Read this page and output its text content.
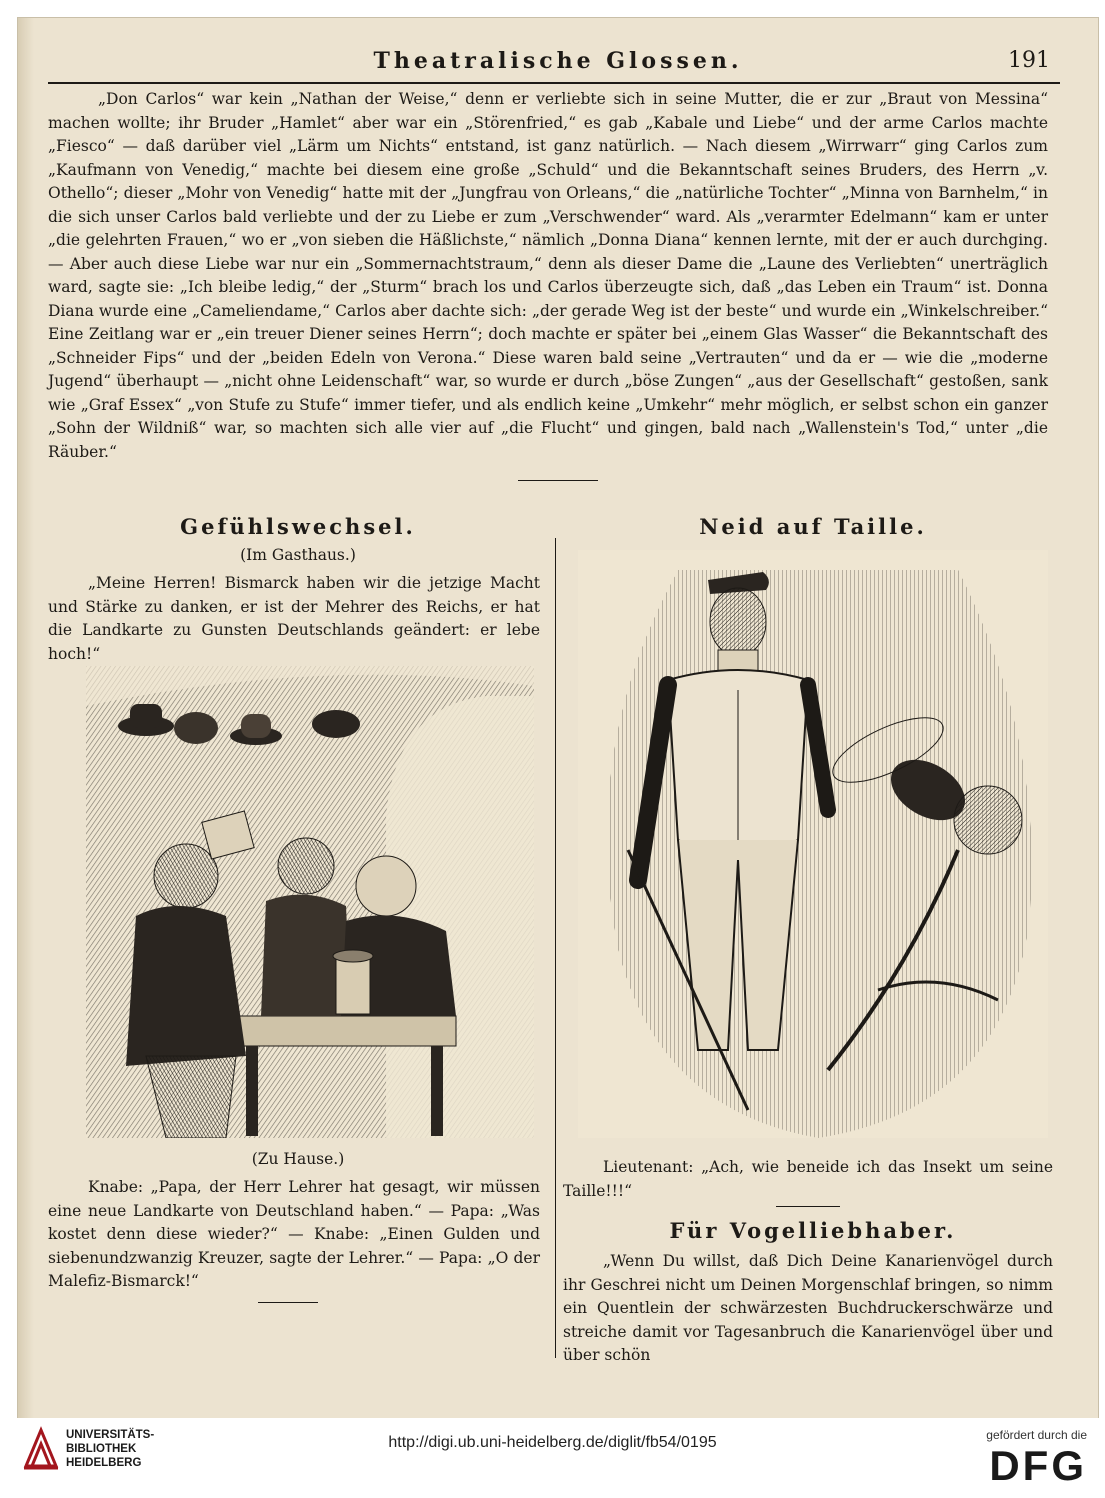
Theatralische Glossen.	191
„Don Carlos“ war kein „Nathan der Weise,“ denn er verliebte sich in seine Mutter, die er zur „Braut von Messina“ machen wollte; ihr Bruder „Hamlet“ aber war ein „Störenfried,“ es gab „Kabale und Liebe“ und der arme Carlos machte „Fiesco“ — daß darüber viel „Lärm um Nichts“ entstand, ist ganz natürlich. — Nach diesem „Wirrwarr“ ging Carlos zum „Kaufmann von Venedig,“ machte bei diesem eine große „Schuld“ und die Bekanntschaft seines Bruders, des Herrn „v. Othello“; dieser „Mohr von Venedig“ hatte mit der „Jungfrau von Orleans,“ die „natürliche Tochter“ „Minna von Barnhelm,“ in die sich unser Carlos bald verliebte und der zu Liebe er zum „Verschwender“ ward. Als „verarmter Edelmann“ kam er unter „die gelehrten Frauen,“ wo er „von sieben die Häßlichste,“ nämlich „Donna Diana“ kennen lernte, mit der er auch durchging. — Aber auch diese Liebe war nur ein „Sommernachtstraum,“ denn als dieser Dame die „Laune des Verliebten“ unerträglich ward, sagte sie: „Ich bleibe ledig,“ der „Sturm“ brach los und Carlos überzeugte sich, daß „das Leben ein Traum“ ist. Donna Diana wurde eine „Cameliendame,“ Carlos aber dachte sich: „der gerade Weg ist der beste“ und wurde ein „Winkelschreiber.“ Eine Zeitlang war er „ein treuer Diener seines Herrn“; doch machte er später bei „einem Glas Wasser“ die Bekanntschaft des „Schneider Fips“ und der „beiden Edeln von Verona.“ Diese waren bald seine „Vertrauten“ und da er — wie die „moderne Jugend“ überhaupt — „nicht ohne Leidenschaft“ war, so wurde er durch „böse Zungen“ „aus der Gesellschaft“ gestoßen, sank wie „Graf Essex“ „von Stufe zu Stufe“ immer tiefer, und als endlich keine „Umkehr“ mehr möglich, er selbst schon ein ganzer „Sohn der Wildniß“ war, so machten sich alle vier auf „die Flucht“ und gingen, bald nach „Wallenstein's Tod,“ unter „die Räuber.“
Gefühlswechsel.
(Im Gasthaus.)
„Meine Herren! Bismarck haben wir die jetzige Macht und Stärke zu danken, er ist der Mehrer des Reichs, er hat die Landkarte zu Gunsten Deutschlands geändert: er lebe hoch!“
(Zu Hause.)
Knabe: „Papa, der Herr Lehrer hat gesagt, wir müssen eine neue Landkarte von Deutschland haben.“ — Papa: „Was kostet denn diese wieder?“ — Knabe: „Einen Gulden und siebenundzwanzig Kreuzer, sagte der Lehrer.“ — Papa: „O der Malefiz-Bismarck!“
Neid auf Taille.
Lieutenant: „Ach, wie beneide ich das Insekt um seine Taille!!!“
Für Vogelliebhaber.
„Wenn Du willst, daß Dich Deine Kanarienvögel durch ihr Geschrei nicht um Deinen Morgenschlaf bringen, so nimm ein Quentlein der schwärzesten Buchdruckerschwärze und streiche damit vor Tagesanbruch die Kanarienvögel über und über schön
UNIVERSITÄTS-
BIBLIOTHEK
HEIDELBERG
http://digi.ub.uni-heidelberg.de/diglit/fb54/0195	gefördert durch die
DFG
